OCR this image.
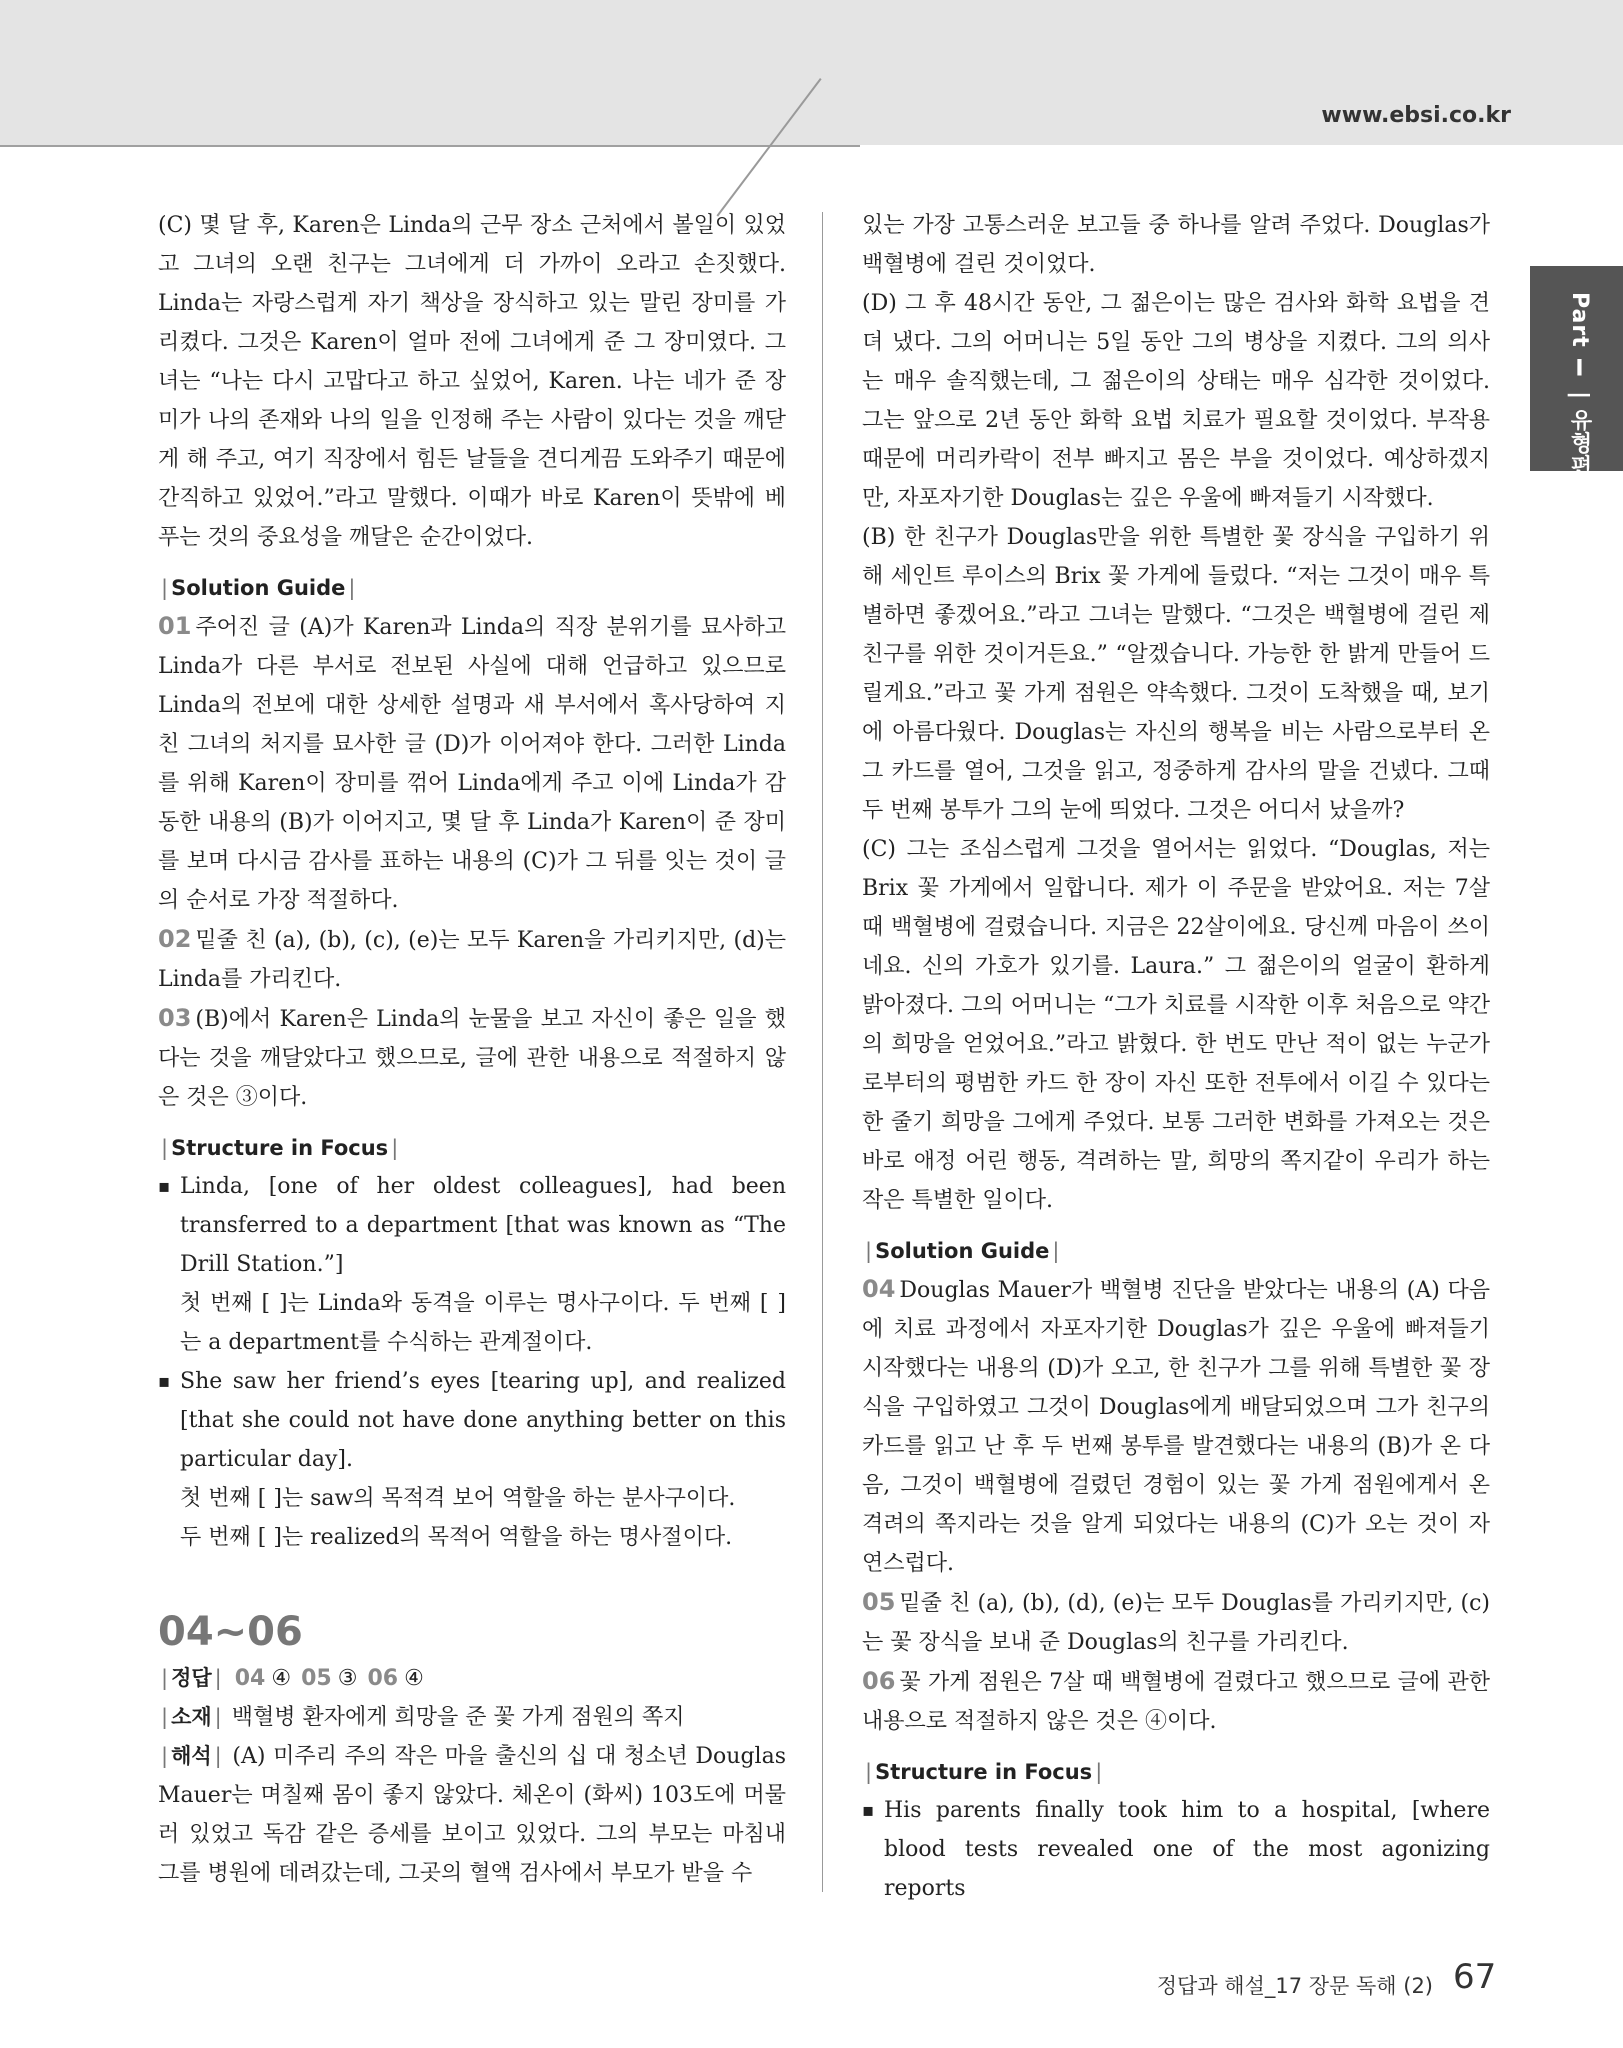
www.ebsi.co.kr
Part Ⅰ | 유형편

(C) 몇 달 후, Karen은 Linda의 근무 장소 근처에서 볼일이 있었고 그녀의 오랜 친구는 그녀에게 더 가까이 오라고 손짓했다. Linda는 자랑스럽게 자기 책상을 장식하고 있는 말린 장미를 가리켰다. 그것은 Karen이 얼마 전에 그녀에게 준 그 장미였다. 그녀는 “나는 다시 고맙다고 하고 싶었어, Karen. 나는 네가 준 장미가 나의 존재와 나의 일을 인정해 주는 사람이 있다는 것을 깨닫게 해 주고, 여기 직장에서 힘든 날들을 견디게끔 도와주기 때문에 간직하고 있었어.”라고 말했다. 이때가 바로 Karen이 뜻밖에 베푸는 것의 중요성을 깨달은 순간이었다.

| Solution Guide |

01 주어진 글 (A)가 Karen과 Linda의 직장 분위기를 묘사하고 Linda가 다른 부서로 전보된 사실에 대해 언급하고 있으므로 Linda의 전보에 대한 상세한 설명과 새 부서에서 혹사당하여 지친 그녀의 처지를 묘사한 글 (D)가 이어져야 한다. 그러한 Linda를 위해 Karen이 장미를 꺾어 Linda에게 주고 이에 Linda가 감동한 내용의 (B)가 이어지고, 몇 달 후 Linda가 Karen이 준 장미를 보며 다시금 감사를 표하는 내용의 (C)가 그 뒤를 잇는 것이 글의 순서로 가장 적절하다.

02 밑줄 친 (a), (b), (c), (e)는 모두 Karen을 가리키지만, (d)는 Linda를 가리킨다.

03 (B)에서 Karen은 Linda의 눈물을 보고 자신이 좋은 일을 했다는 것을 깨달았다고 했으므로, 글에 관한 내용으로 적절하지 않은 것은 ③이다.

| Structure in Focus |

▪ Linda, [one of her oldest colleagues], had been transferred to a department [that was known as “The Drill Station.”]

첫 번째 [ ]는 Linda와 동격을 이루는 명사구이다. 두 번째 [ ]는 a department를 수식하는 관계절이다.

▪ She saw her friend’s eyes [tearing up], and realized [that she could not have done anything better on this particular day].

첫 번째 [ ]는 saw의 목적격 보어 역할을 하는 분사구이다.

두 번째 [ ]는 realized의 목적어 역할을 하는 명사절이다.

04~06

| 정답 | 04 ④ 05 ③ 06 ④

| 소재 | 백혈병 환자에게 희망을 준 꽃 가게 점원의 쪽지

| 해석 | (A) 미주리 주의 작은 마을 출신의 십 대 청소년 Douglas Mauer는 며칠째 몸이 좋지 않았다. 체온이 (화씨) 103도에 머물러 있었고 독감 같은 증세를 보이고 있었다. 그의 부모는 마침내 그를 병원에 데려갔는데, 그곳의 혈액 검사에서 부모가 받을 수

있는 가장 고통스러운 보고들 중 하나를 알려 주었다. Douglas가 백혈병에 걸린 것이었다.

(D) 그 후 48시간 동안, 그 젊은이는 많은 검사와 화학 요법을 견뎌 냈다. 그의 어머니는 5일 동안 그의 병상을 지켰다. 그의 의사는 매우 솔직했는데, 그 젊은이의 상태는 매우 심각한 것이었다. 그는 앞으로 2년 동안 화학 요법 치료가 필요할 것이었다. 부작용 때문에 머리카락이 전부 빠지고 몸은 부을 것이었다. 예상하겠지만, 자포자기한 Douglas는 깊은 우울에 빠져들기 시작했다.

(B) 한 친구가 Douglas만을 위한 특별한 꽃 장식을 구입하기 위해 세인트 루이스의 Brix 꽃 가게에 들렀다. “저는 그것이 매우 특별하면 좋겠어요.”라고 그녀는 말했다. “그것은 백혈병에 걸린 제 친구를 위한 것이거든요.” “알겠습니다. 가능한 한 밝게 만들어 드릴게요.”라고 꽃 가게 점원은 약속했다. 그것이 도착했을 때, 보기에 아름다웠다. Douglas는 자신의 행복을 비는 사람으로부터 온 그 카드를 열어, 그것을 읽고, 정중하게 감사의 말을 건넸다. 그때 두 번째 봉투가 그의 눈에 띄었다. 그것은 어디서 났을까?

(C) 그는 조심스럽게 그것을 열어서는 읽었다. “Douglas, 저는 Brix 꽃 가게에서 일합니다. 제가 이 주문을 받았어요. 저는 7살 때 백혈병에 걸렸습니다. 지금은 22살이에요. 당신께 마음이 쓰이네요. 신의 가호가 있기를. Laura.” 그 젊은이의 얼굴이 환하게 밝아졌다. 그의 어머니는 “그가 치료를 시작한 이후 처음으로 약간의 희망을 얻었어요.”라고 밝혔다. 한 번도 만난 적이 없는 누군가로부터의 평범한 카드 한 장이 자신 또한 전투에서 이길 수 있다는 한 줄기 희망을 그에게 주었다. 보통 그러한 변화를 가져오는 것은 바로 애정 어린 행동, 격려하는 말, 희망의 쪽지같이 우리가 하는 작은 특별한 일이다.

| Solution Guide |

04 Douglas Mauer가 백혈병 진단을 받았다는 내용의 (A) 다음에 치료 과정에서 자포자기한 Douglas가 깊은 우울에 빠져들기 시작했다는 내용의 (D)가 오고, 한 친구가 그를 위해 특별한 꽃 장식을 구입하였고 그것이 Douglas에게 배달되었으며 그가 친구의 카드를 읽고 난 후 두 번째 봉투를 발견했다는 내용의 (B)가 온 다음, 그것이 백혈병에 걸렸던 경험이 있는 꽃 가게 점원에게서 온 격려의 쪽지라는 것을 알게 되었다는 내용의 (C)가 오는 것이 자연스럽다.

05 밑줄 친 (a), (b), (d), (e)는 모두 Douglas를 가리키지만, (c)는 꽃 장식을 보내 준 Douglas의 친구를 가리킨다.

06 꽃 가게 점원은 7살 때 백혈병에 걸렸다고 했으므로 글에 관한 내용으로 적절하지 않은 것은 ④이다.

| Structure in Focus |

▪ His parents finally took him to a hospital, [where blood tests revealed one of the most agonizing reports

정답과 해설_17 장문 독해 (2) 67
